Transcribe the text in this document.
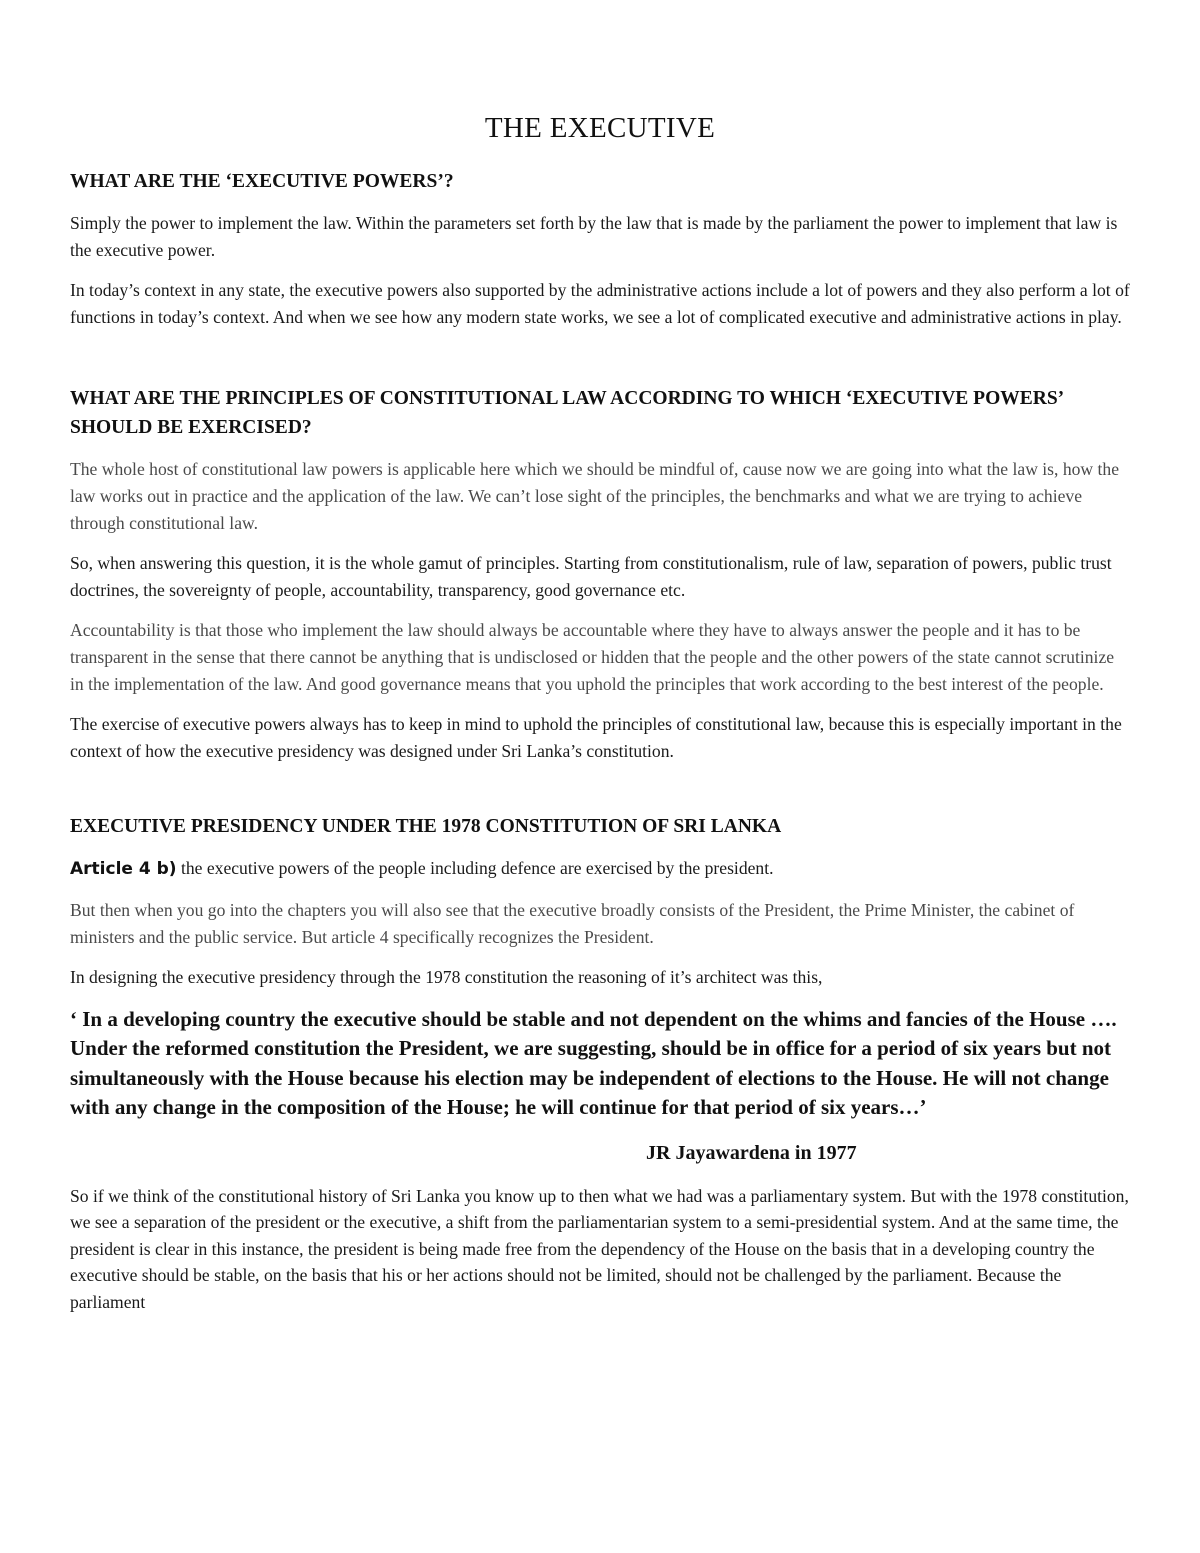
THE EXECUTIVE
WHAT ARE THE ‘EXECUTIVE POWERS’?

Simply the power to implement the law. Within the parameters set forth by the law that is made by the parliament the power to implement that law is the executive power.

In today’s context in any state, the executive powers also supported by the administrative actions include a lot of powers and they also perform a lot of functions in today’s context. And when we see how any modern state works, we see a lot of complicated executive and administrative actions in play.

WHAT ARE THE PRINCIPLES OF CONSTITUTIONAL LAW ACCORDING TO WHICH ‘EXECUTIVE POWERS’ SHOULD BE EXERCISED?

The whole host of constitutional law powers is applicable here which we should be mindful of, cause now we are going into what the law is, how the law works out in practice and the application of the law. We can’t lose sight of the principles, the benchmarks and what we are trying to achieve through constitutional law.

So, when answering this question, it is the whole gamut of principles. Starting from constitutionalism, rule of law, separation of powers, public trust doctrines, the sovereignty of people, accountability, transparency, good governance etc.

Accountability is that those who implement the law should always be accountable where they have to always answer the people and it has to be transparent in the sense that there cannot be anything that is undisclosed or hidden that the people and the other powers of the state cannot scrutinize in the implementation of the law. And good governance means that you uphold the principles that work according to the best interest of the people.

The exercise of executive powers always has to keep in mind to uphold the principles of constitutional law, because this is especially important in the context of how the executive presidency was designed under Sri Lanka’s constitution.

EXECUTIVE PRESIDENCY UNDER THE 1978 CONSTITUTION OF SRI LANKA

Article 4 b) the executive powers of the people including defence are exercised by the president.

But then when you go into the chapters you will also see that the executive broadly consists of the President, the Prime Minister, the cabinet of ministers and the public service. But article 4 specifically recognizes the President.

In designing the executive presidency through the 1978 constitution the reasoning of it’s architect was this,

‘ In a developing country the executive should be stable and not dependent on the whims and fancies of the House …. Under the reformed constitution the President, we are suggesting, should be in office for a period of six years but not simultaneously with the House because his election may be independent of elections to the House. He will not change with any change in the composition of the House; he will continue for that period of six years…’

JR Jayawardena in 1977

So if we think of the constitutional history of Sri Lanka you know up to then what we had was a parliamentary system. But with the 1978 constitution, we see a separation of the president or the executive, a shift from the parliamentarian system to a semi-presidential system. And at the same time, the president is clear in this instance, the president is being made free from the dependency of the House on the basis that in a developing country the executive should be stable, on the basis that his or her actions should not be limited, should not be challenged by the parliament. Because the parliament
